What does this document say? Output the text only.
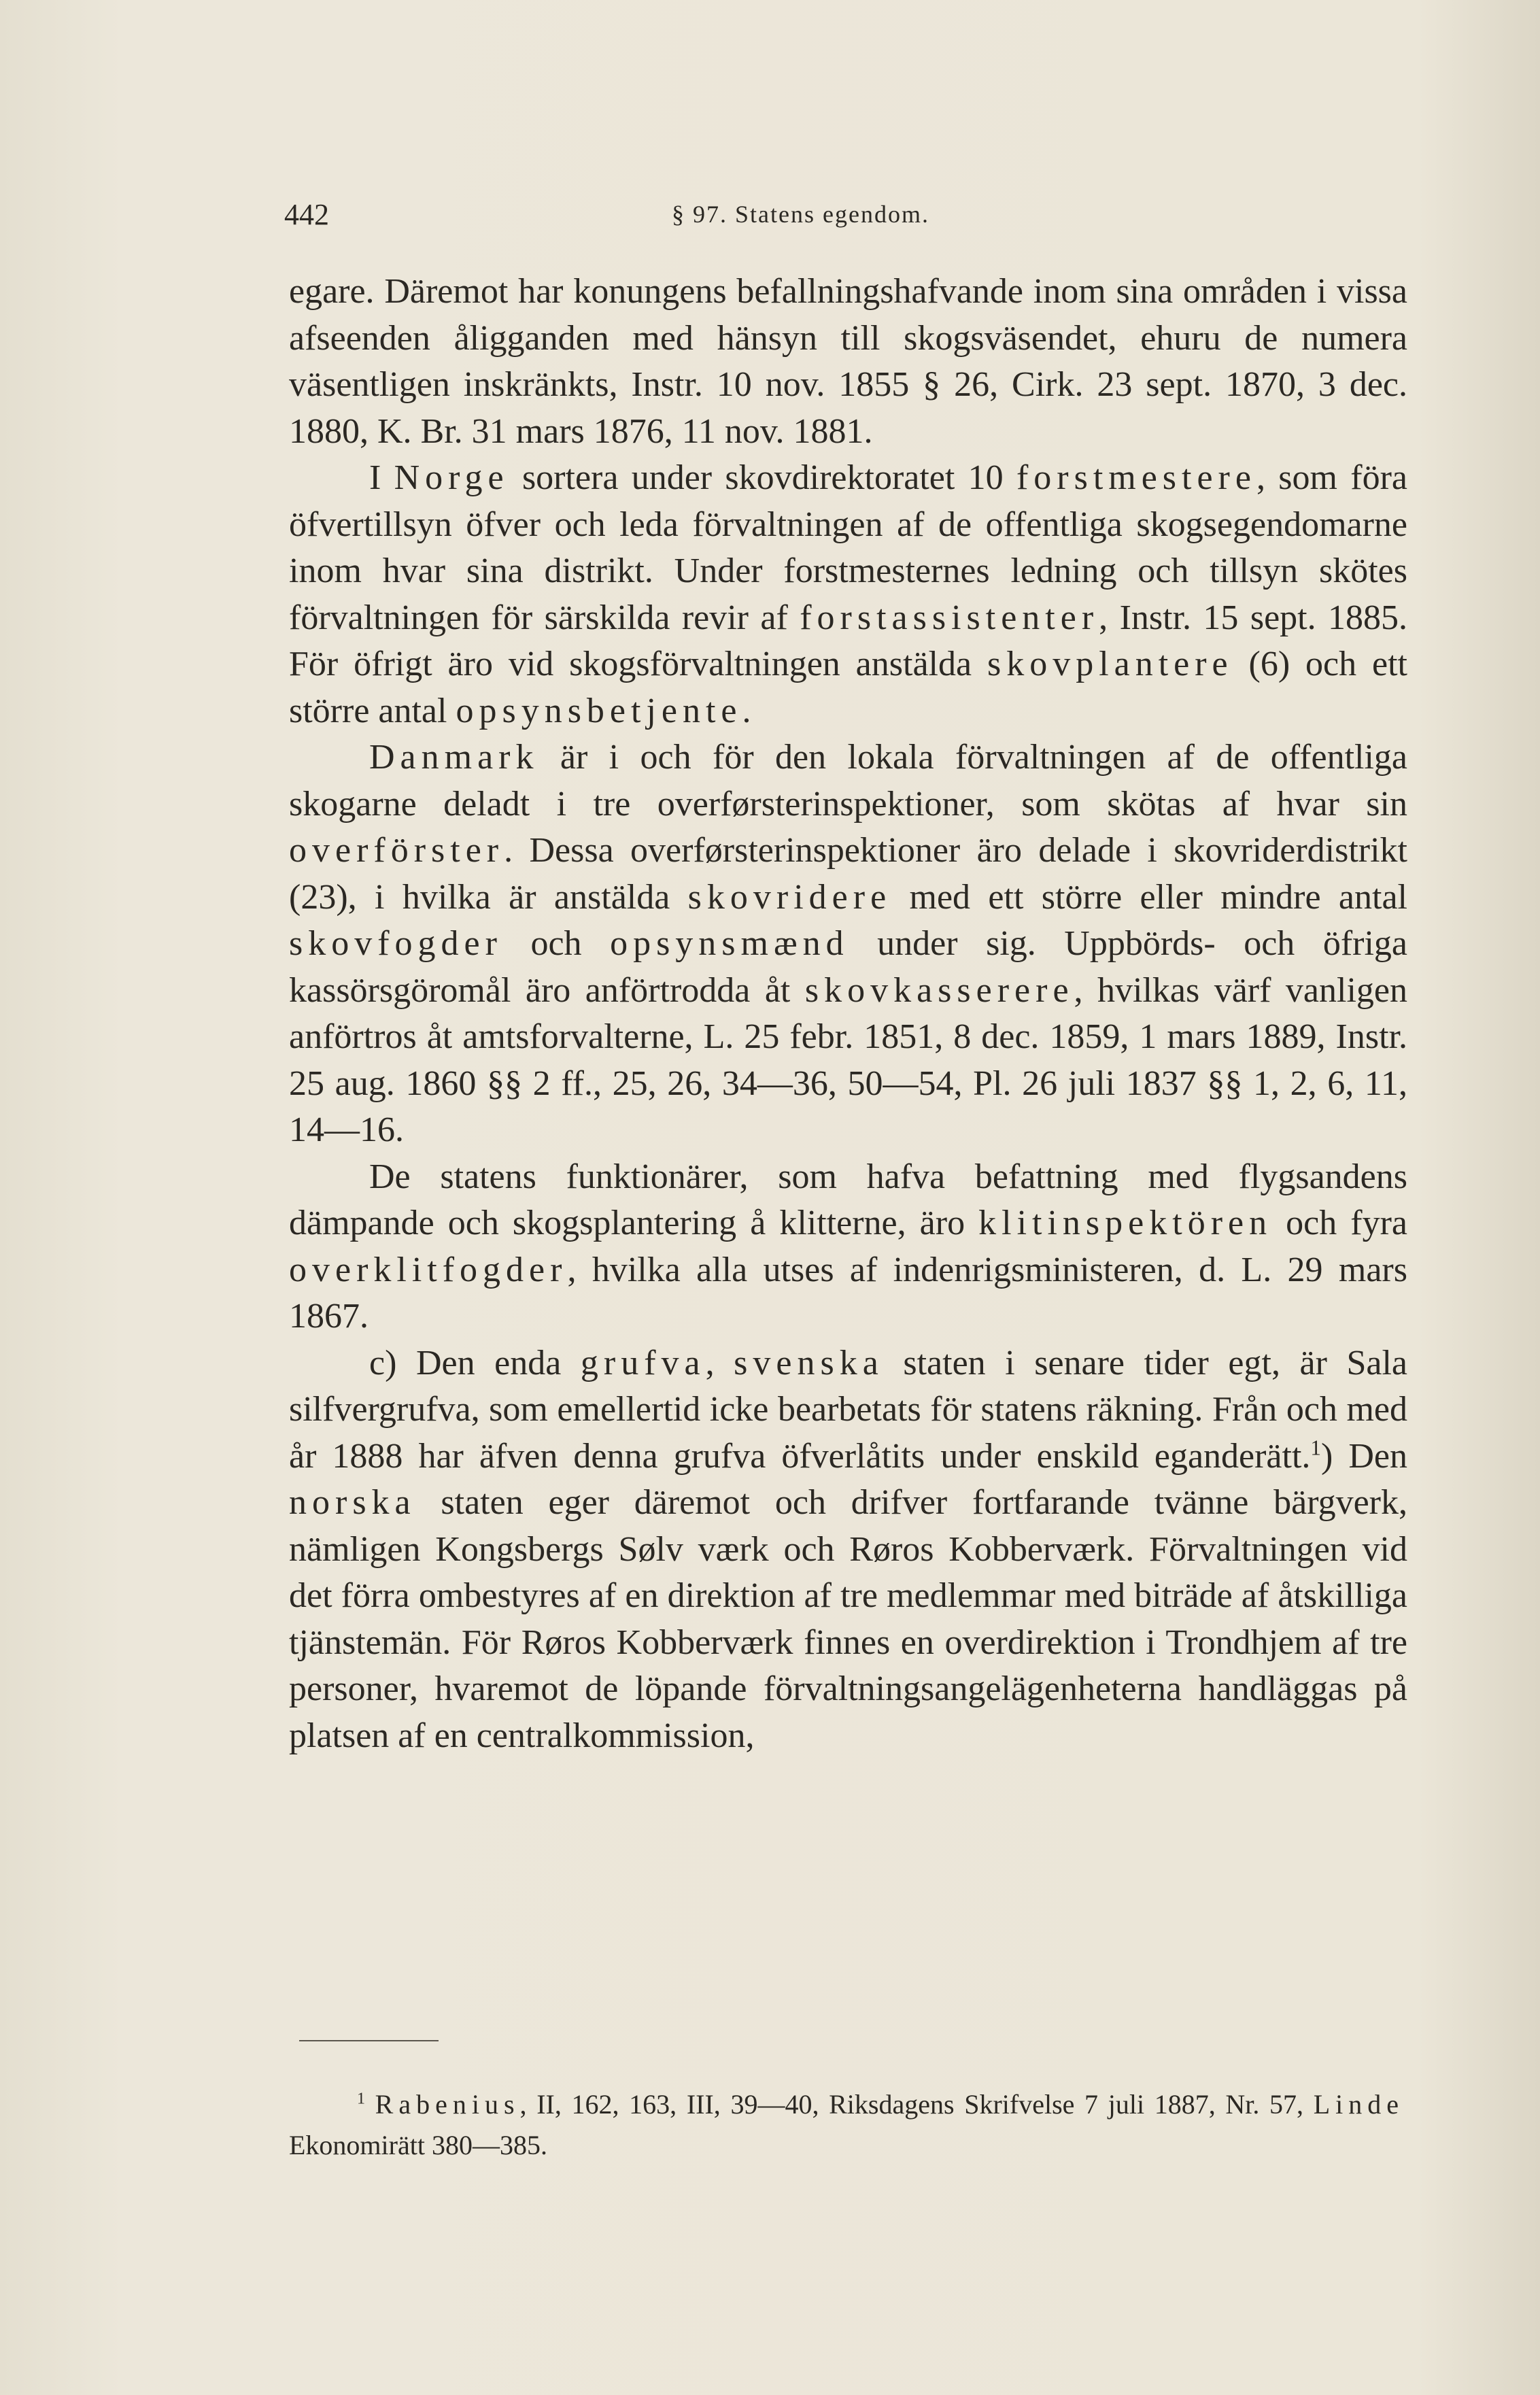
442	§ 97. Statens egendom.

egare. Däremot har konungens befallningshafvande inom sina områden i vissa afseenden åligganden med hänsyn till skogsväsendet, ehuru de numera väsentligen inskränkts, Instr. 10 nov. 1855 § 26, Cirk. 23 sept. 1870, 3 dec. 1880, K. Br. 31 mars 1876, 11 nov. 1881.

I Norge sortera under skovdirektoratet 10 forstmestere, som föra öfvertillsyn öfver och leda förvaltningen af de offentliga skogsegendomarne inom hvar sina distrikt. Under forstmesternes ledning och tillsyn skötes förvaltningen för särskilda revir af forstassistenter, Instr. 15 sept. 1885. För öfrigt äro vid skogsförvaltningen anstälda skovplantere (6) och ett större antal opsynsbetjente.

Danmark är i och för den lokala förvaltningen af de offentliga skogarne deladt i tre overførsterinspektioner, som skötas af hvar sin overförster. Dessa overførsterinspektioner äro delade i skovriderdistrikt (23), i hvilka är anstälda skovridere med ett större eller mindre antal skovfogder och opsynsmænd under sig. Uppbörds- och öfriga kassörsgöromål äro anförtrodda åt skovkasserere, hvilkas värf vanligen anförtros åt amtsforvalterne, L. 25 febr. 1851, 8 dec. 1859, 1 mars 1889, Instr. 25 aug. 1860 §§ 2 ff., 25, 26, 34—36, 50—54, Pl. 26 juli 1837 §§ 1, 2, 6, 11, 14—16.

De statens funktionärer, som hafva befattning med flygsandens dämpande och skogsplantering å klitterne, äro klitinspektören och fyra overklitfogder, hvilka alla utses af indenrigsministeren, d. L. 29 mars 1867.

c) Den enda grufva, svenska staten i senare tider egt, är Sala silfvergrufva, som emellertid icke bearbetats för statens räkning. Från och med år 1888 har äfven denna grufva öfverlåtits under enskild eganderätt.$^1$) Den norska staten eger däremot och drifver fortfarande tvänne bärgverk, nämligen Kongsbergs Sølv værk och Røros Kobberværk. Förvaltningen vid det förra ombestyres af en direktion af tre medlemmar med biträde af åtskilliga tjänstemän. För Røros Kobberværk finnes en overdirektion i Trondhjem af tre personer, hvaremot de löpande förvaltningsangelägenheterna handläggas på platsen af en centralkommission,

$^1$ Rabenius, II, 162, 163, III, 39—40, Riksdagens Skrifvelse 7 juli 1887, Nr. 57, Linde Ekonomirätt 380—385.
